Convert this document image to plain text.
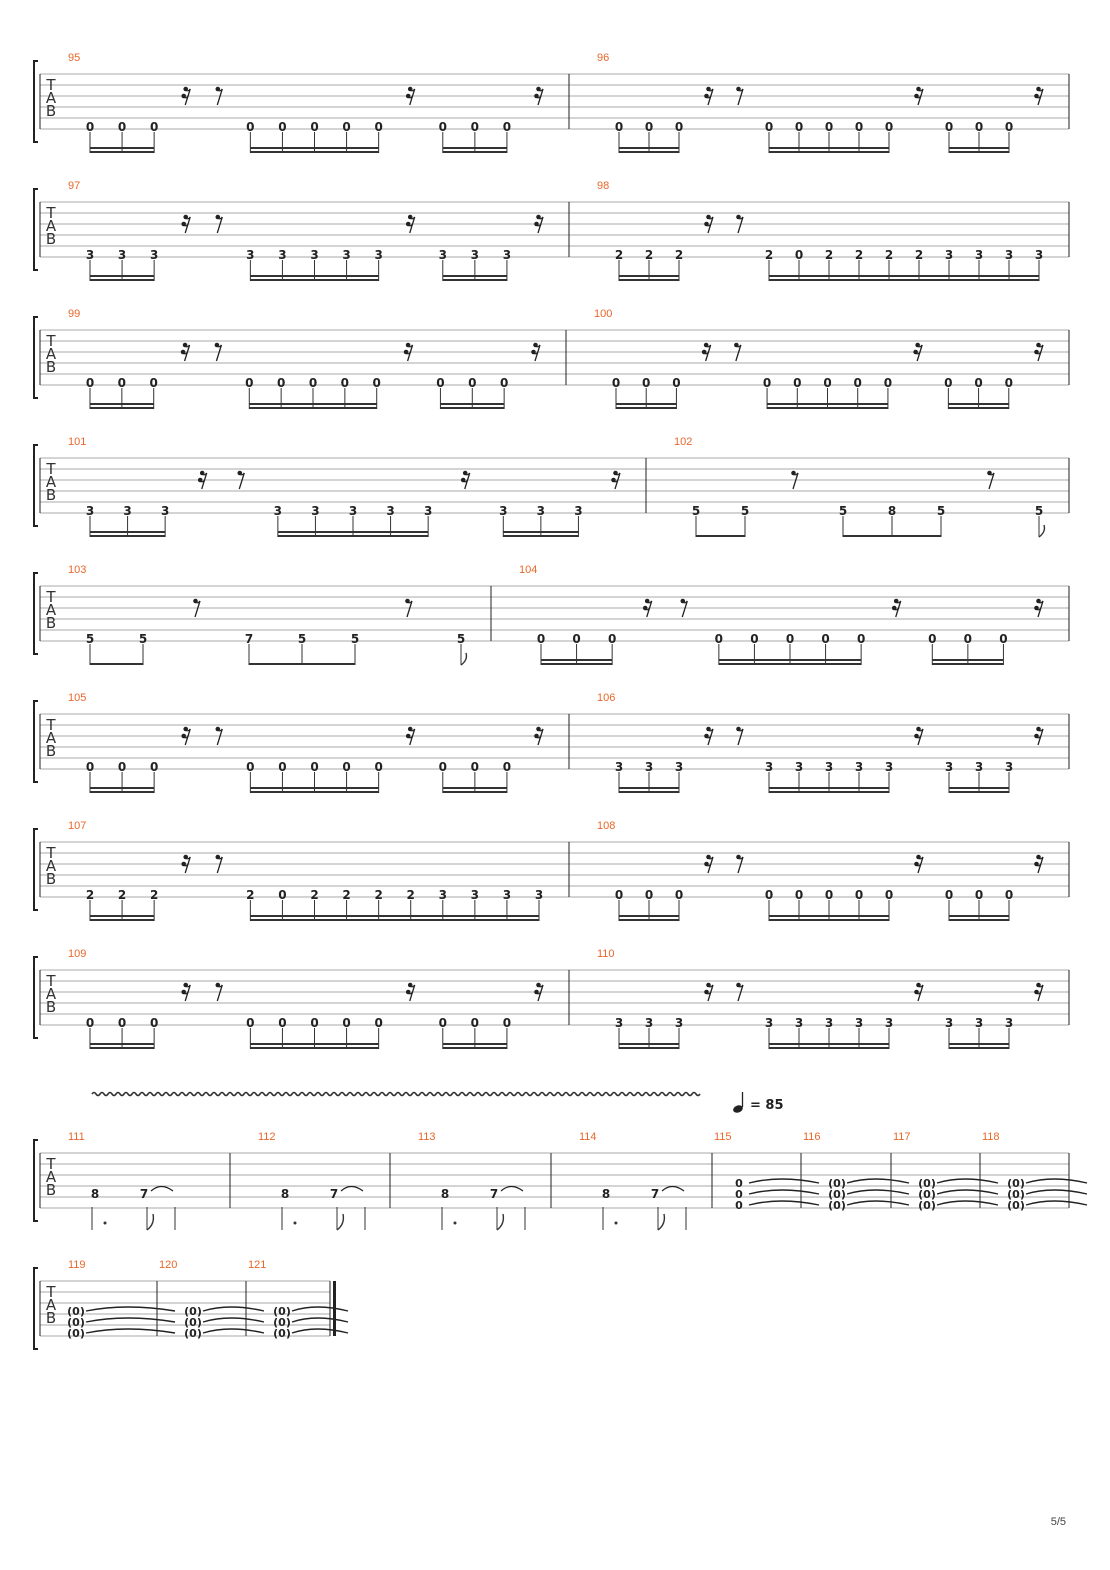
T
A
B
95
0 0 0	0 0 0 0 0	0 0 0
96
0 0 0	0 0 0 0 0	0 0 0
T
A
B
97
3 3 3	3 3 3 3 3	3 3 3
98
2 2 2	2 0 2 2 2 2 3 3 3 3
T
A
B
99
0 0 0	0 0 0 0 0	0 0 0
100
0 0 0	0 0 0 0 0	0 0 0
T
A
B
101
3 3 3	3 3 3 3 3	3 3 3
102
5	5	5	8	5	5
T
A
B
103
5	5	7	5	5	5
104
0 0 0	0 0 0 0 0	0 0 0
T
A
B
105
0 0 0	0 0 0 0 0	0 0 0
106
3 3 3	3 3 3 3 3	3 3 3
T
A
B
107
2 2 2	2 0 2 2 2 2 3 3 3 3
108
0 0 0	0 0 0 0 0	0 0 0
T
A
B
109
0 0 0	0 0 0 0 0	0 0 0
110
3 3 3	3 3 3 3 3	3 3 3
T
A
B
111
8	7
112
8	7
113
8	7
114
8	7
115
0
0
0
116
(0)
(0)
(0)
117
(0)
(0)
(0)
118
(0)
(0)
(0)
T
A
B
119
(0)
(0)
(0)
120
(0)
(0)
(0)
121
(0)
(0)
(0)
= 85
5/5
